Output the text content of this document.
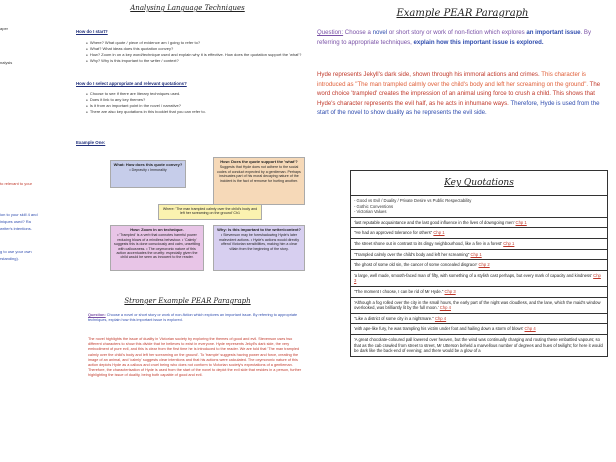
aper
nalysis
to relevant to your
ion to your skill 4 and
iniques used? Ra
writer's intentions.
g to use your own
rstanding).
Analysing Language Techniques
How do I start?
● Where? What quote / piece of evidence am I going to refer to?
● What? What ideas does this quotation convey?
● How? Zoom in on a key word/technique used and explain why it is effective. How does the quotation support the 'what'?
● Why? Why is this important to the writer / context?
How do I select appropriate and relevant quotations?
● Choose to see if there are literary techniques used.
● Does it link to any key themes?
● Is it from an important point in the novel / narrative?
● There are also key quotations in this booklet that you can refer to.
Example One:
What: How does this quote convey?
• Depravity • Immorality
How: Does the quote support the 'what'?
Suggests that Hyde does not adhere to the social codes of conduct expected by a gentleman. Perhaps insinuates part of his moral decaying nature of the incident is the fact of remorse for hurting another.
Where: 'The man trampled calmly over the child's body and left her screaming on the ground' Ch1
How: Zoom in on technique.
• 'Trampled' is a verb that connotes harmful power reducing blows of a mindless behaviour. • 'Calmly' suggests this is done consciously and calm, unsettling with callousness. • The oxymoronic nature of this action accentuates the cruelty: especially given the child would be seen as innocent to the reader.
Why: Is this important to the writer/context?
• Stevenson may be foreshadowing Hyde's later malevolent actions. • Hyde's actions would directly offend Victorian sensibilities, making him a clear villain from the beginning of the story.
Stronger Example PEAR Paragraph
Question: Choose a novel or short story or work of non-fiction which explores an important issue. By referring to appropriate techniques, explain how this important issue is explored.
The novel highlights the issue of duality in Victorian society by exploring the themes of good and evil. Stevenson uses two different characters to show this divide that he believes to exist in everyone. Hyde represents Jekyll's dark side, the very embodiment of pure evil, and this is clear from the first time he is introduced to the reader. We are told that 'The man trampled calmly over the child's body and left her screaming on the ground'. To 'trample' suggests having power and force, creating the image of an animal, and 'calmly' suggests clear intentions and that his actions were calculated. The oxymoronic nature of this action depicts Hyde as a callous and cruel being who does not conform to Victorian society's expectations of a gentleman. Therefore, the characterisation of Hyde is used from the start of the novel to depict the evil side that resides in a person, further highlighting the issue of duality, being both capable of good and evil.
Example PEAR Paragraph
Question: Choose a novel or short story or work of non-fiction which explores an important issue. By referring to appropriate techniques, explain how this important issue is explored.
Hyde represents Jekyll's dark side, shown through his immoral actions and crimes. This character is introduced as "The man trampled calmly over the child's body and left her screaming on the ground". The word choice 'trampled' creates the impression of an animal using force to crush a child. This shows that Hyde's character represents the evil half, as he acts in inhumane ways. Therefore, Hyde is used from the start of the novel to show duality as he represents the evil side.
Key Quotations
- Good vs Evil / Duality / Private Desire vs Public Respectability
- Gothic Conventions
- Victorian Values
'last reputable acquaintance and the last good influence in the lives of downgoing men' Chp 1
"He had an approved tolerance for others" Chp 1
'the street shone out in contrast to its dingy neighbourhood, like a fire in a forest' Chp 1
"Trampled calmly over the child's body and left her screaming" Chp 1
'the ghost of some old sin, the cancer of some concealed disgrace' Chp 2
'a large, well made, smooth-faced man of fifty, with something of a stylish cast perhaps, but every mark of capacity and kindness' Chp 3
"The moment I choose, I can be rid of Mr Hyde." Chp 3
'Although a fog rolled over the city in the small hours, the early part of the night was cloudless, and the lane, which the maid's window overlooked, was brilliantly lit by the full moon.' Chp 4
"Like a district of some city in a nightmare." Chp 4
'with ape-like fury, he was trampling his victim under foot and hailing down a storm of blows' Chp 4
'A great chocolate-coloured pall lowered over heaven, but the wind was continually charging and routing these embattled vapours; so that as the cab crawled from street to street, Mr Utterson beheld a marvellous number of degrees and hues of twilight; for here it would be dark like the back-end of evening; and there would be a glow of a
